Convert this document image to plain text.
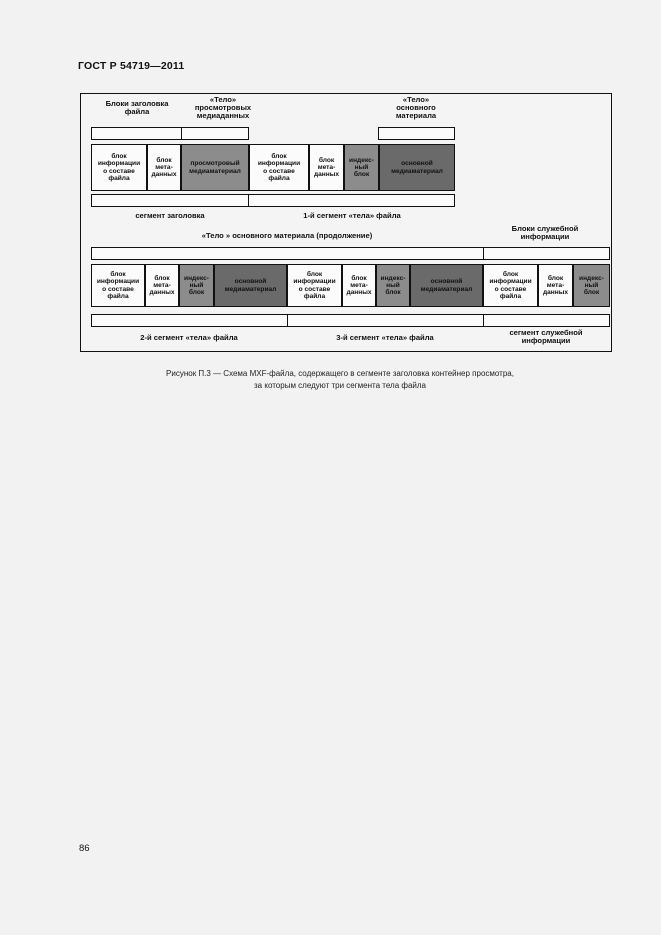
ГОСТ Р 54719—2011
Блоки заголовка
файла
«Тело»
просмотровых
медиаданных
«Тело»
основного
материала
блок
информации
о составе
файла
блок
мета-
данных
просмотровый
медиаматериал
блок
информации
о составе
файла
блок
мета-
данных
индекс-
ный
блок
основной
медиаматериал
сегмент заголовка	1-й сегмент «тела» файла
«Тело » основного материала (продолжение)
Блоки служебной
информации
блок
информации
о составе
файла
блок
мета-
данных
индекс-
ный
блок
основной
медиаматериал
блок
информации
о составе
файла
блок
мета-
данных
индекс-
ный
блок
основной
медиаматериал
блок
информации
о составе
файла
блок
мета-
данных
индекс-
ный
блок
2-й сегмент «тела» файла	3-й сегмент «тела» файла
сегмент служебной
информации
Рисунок П.3 — Схема MXF-файла, содержащего в сегменте заголовка контейнер просмотра,
за которым следуют три сегмента тела файла
86
